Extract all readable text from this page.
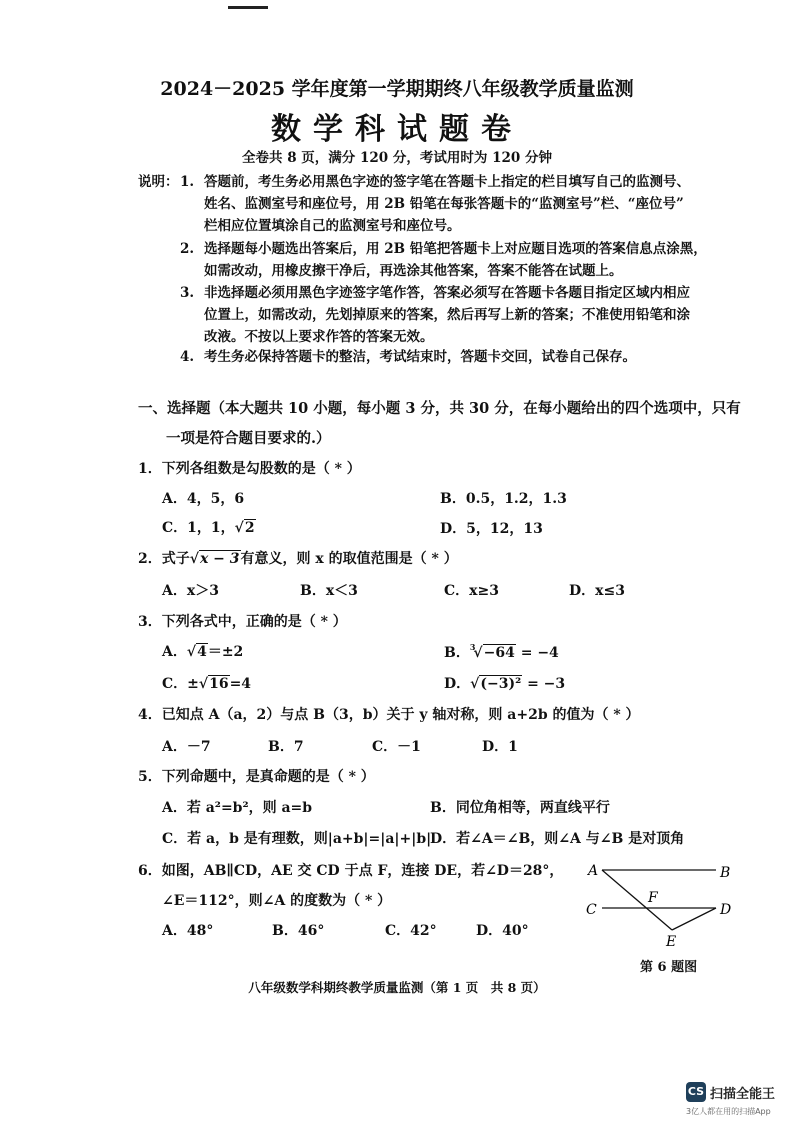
2024－2025 学年度第一学期期终八年级教学质量监测
数学科试题卷
全卷共 8 页，满分 120 分，考试用时为 120 分钟
说明： 1. 答题前，考生务必用黑色字迹的签字笔在答题卡上指定的栏目填写自己的监测号、
姓名、监测室号和座位号，用 2B 铅笔在每张答题卡的“监测室号”栏、“座位号”
栏相应位置填涂自己的监测室号和座位号。
2. 选择题每小题选出答案后，用 2B 铅笔把答题卡上对应题目选项的答案信息点涂黑，
如需改动，用橡皮擦干净后，再选涂其他答案，答案不能答在试题上。
3. 非选择题必须用黑色字迹签字笔作答，答案必须写在答题卡各题目指定区域内相应
位置上，如需改动，先划掉原来的答案，然后再写上新的答案；不准使用铅笔和涂
改液。不按以上要求作答的答案无效。
4. 考生务必保持答题卡的整洁，考试结束时，答题卡交回，试卷自己保存。
一、选择题（本大题共 10 小题，每小题 3 分，共 30 分，在每小题给出的四个选项中，只有
一项是符合题目要求的.）
1．下列各组数是勾股数的是（ * ）
A．4，5，6	B．0.5，1.2，1.3
C．1，1，√2	D．5，12，13
2．式子√x − 3有意义，则 x 的取值范围是（ * ）
A．x＞3	B．x＜3	C．x≥3	D．x≤3
3．下列各式中，正确的是（ * ）
A．√4＝±2	B．$^3$√−64 = −4
C．±√16=4	D．√(−3)² = −3
4．已知点 A（a，2）与点 B（3，b）关于 y 轴对称，则 a+2b 的值为（ * ）
A．－7	B．7	C．－1	D．1
5．下列命题中，是真命题的是（ * ）
A．若 a²=b²，则 a=b	B．同位角相等，两直线平行
C．若 a，b 是有理数，则|a+b|=|a|+|b|
D．若∠A＝∠B，则∠A 与∠B 是对顶角
6．如图，AB∥CD，AE 交 CD 于点 F，连接 DE，若∠D＝28°，
∠E＝112°，则∠A 的度数为（ * ）
A．48°	B．46°	C．42°	D．40°
A	B
C	D
F
E
第 6 题图
八年级数学科期终教学质量监测（第 1 页　共 8 页）
CS 扫描全能王
3亿人都在用的扫描App
